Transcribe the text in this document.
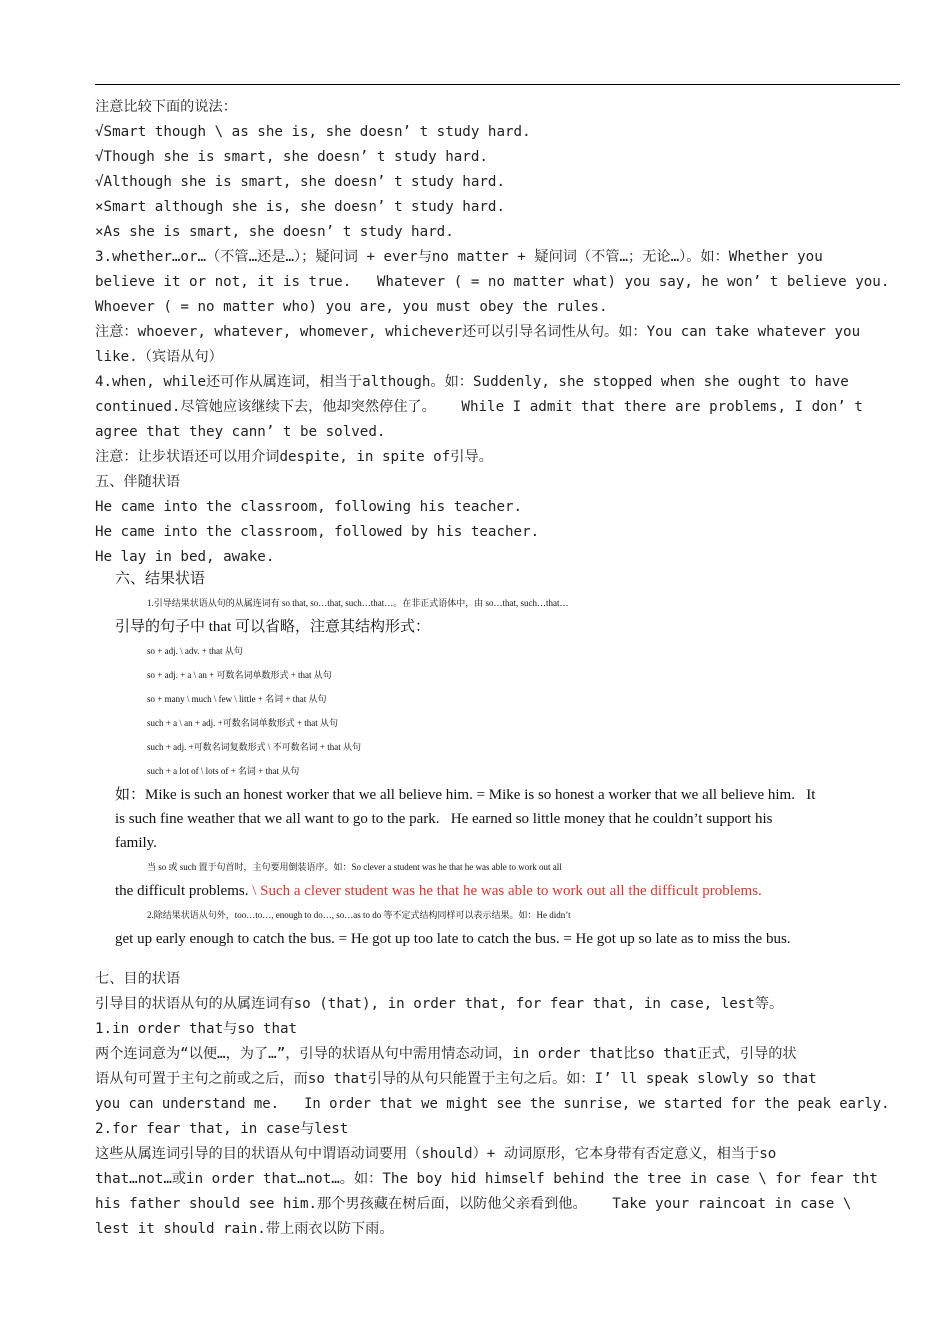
注意比较下面的说法：
√Smart though \ as she is, she doesn’ t study hard.
√Though she is smart, she doesn’ t study hard.
√Although she is smart, she doesn’ t study hard.
×Smart although she is, she doesn’ t study hard.
×As she is smart, she doesn’ t study hard.
3.whether…or…（不管…还是…）；疑问词 + ever与no matter + 疑问词（不管…；无论…）。如：Whether you
believe it or not, it is true.   Whatever ( = no matter what) you say, he won’ t believe you.
Whoever ( = no matter who) you are, you must obey the rules.
注意：whoever, whatever, whomever, whichever还可以引导名词性从句。如：You can take whatever you
like.（宾语从句）
4.when, while还可作从属连词，相当于although。如：Suddenly, she stopped when she ought to have
continued.尽管她应该继续下去，他却突然停住了。   While I admit that there are problems, I don’ t
agree that they cann’ t be solved.
注意：让步状语还可以用介词despite, in spite of引导。
五、伴随状语
He came into the classroom, following his teacher.
He came into the classroom, followed by his teacher.
He lay in bed, awake.
六、结果状语
1.引导结果状语从句的从属连词有 so that, so…that, such…that…。在非正式语体中，由 so…that, such…that…
引导的句子中 that 可以省略，注意其结构形式：
so + adj. \ adv. + that 从句
so + adj. + a \ an + 可数名词单数形式 + that 从句
so + many \ much \ few \ little + 名词 + that 从句
such + a \ an + adj. +可数名词单数形式 + that 从句
such + adj. +可数名词复数形式 \ 不可数名词 + that 从句
such + a lot of \ lots of + 名词 + that 从句
如：Mike is such an honest worker that we all believe him. = Mike is so honest a worker that we all believe him.   It
is such fine weather that we all want to go to the park.   He earned so little money that he couldn’t support his
family.
当 so 或 such 置于句首时，主句要用倒装语序。如：So clever a student was he that he was able to work out all
the difficult problems. \ Such a clever student was he that he was able to work out all the difficult problems.
2.除结果状语从句外，too…to…, enough to do…, so…as to do 等不定式结构同样可以表示结果。如：He didn’t
get up early enough to catch the bus. = He got up too late to catch the bus. = He got up so late as to miss the bus.
七、目的状语
引导目的状语从句的从属连词有so (that), in order that, for fear that, in case, lest等。
1.in order that与so that
两个连词意为“以便…，为了…”，引导的状语从句中需用情态动词，in order that比so that正式，引导的状
语从句可置于主句之前或之后，而so that引导的从句只能置于主句之后。如：I’ ll speak slowly so that
you can understand me.   In order that we might see the sunrise, we started for the peak early.
2.for fear that, in case与lest
这些从属连词引导的目的状语从句中谓语动词要用（should）+ 动词原形，它本身带有否定意义，相当于so
that…not…或in order that…not…。如：The boy hid himself behind the tree in case \ for fear tht
his father should see him.那个男孩藏在树后面，以防他父亲看到他。   Take your raincoat in case \
lest it should rain.带上雨衣以防下雨。
